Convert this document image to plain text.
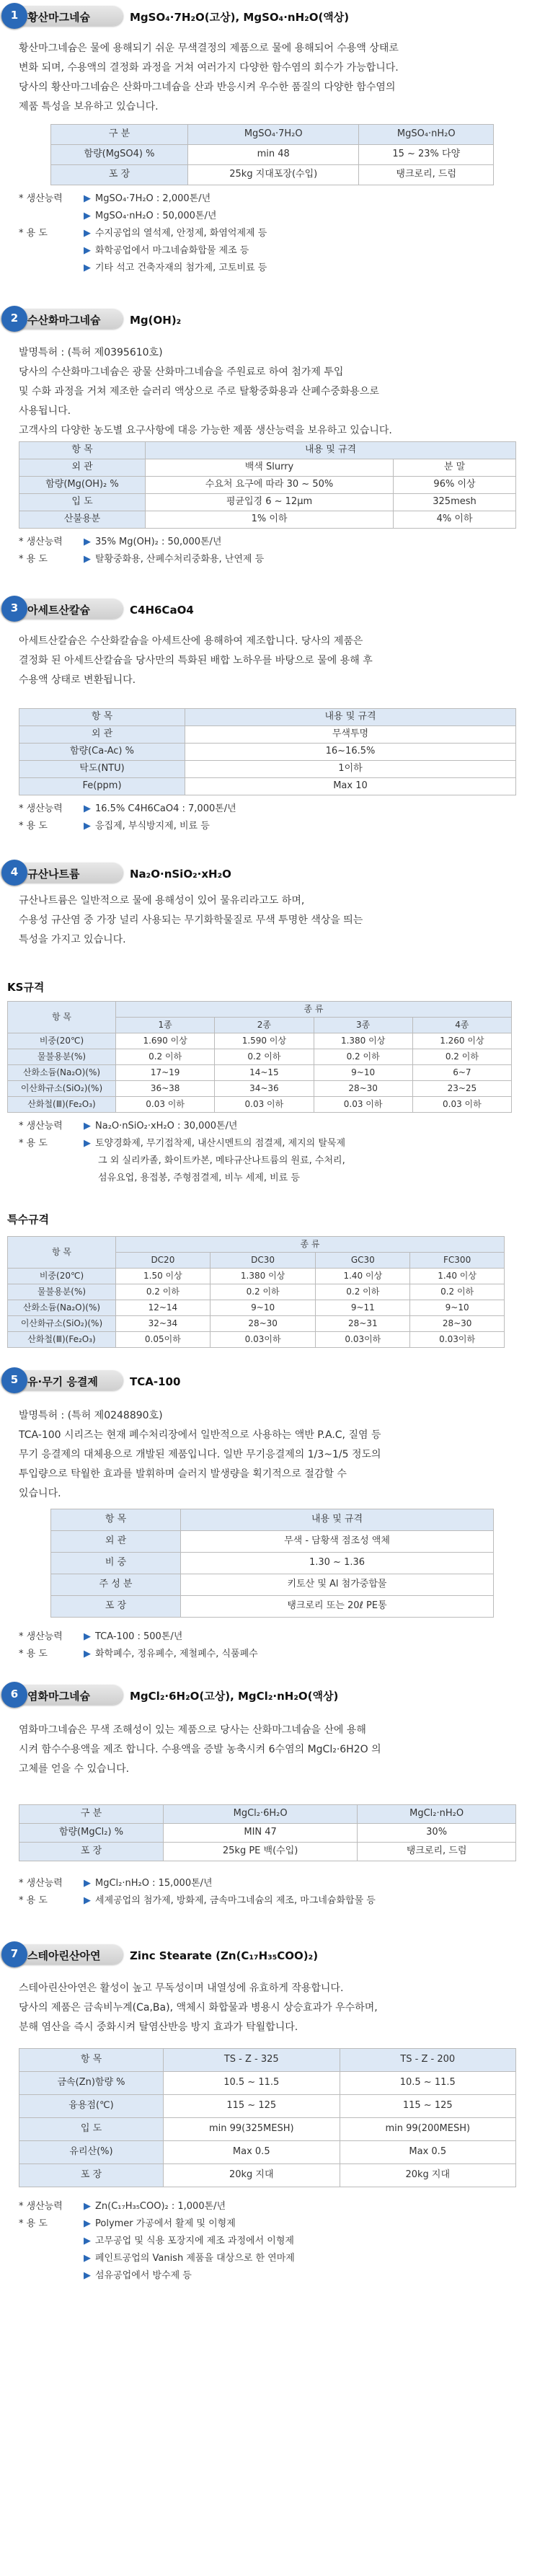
1 황산마그네슘	MgSO₄·7H₂O(고상), MgSO₄·nH₂O(액상)
황산마그네슘은 물에 용해되기 쉬운 무색결정의 제품으로 물에 용해되어 수용액 상태로
변화 되며, 수용액의 결정화 과정을 거쳐 여러가지 다양한 함수염의 회수가 가능합니다.
당사의 황산마그네슘은 산화마그네슘을 산과 반응시켜 우수한 품질의 다양한 함수염의
제품 특성을 보유하고 있습니다.
구 분	MgSO₄·7H₂O	MgSO₄·nH₂O
함량(MgSO4) %	min 48	15 ~ 23% 다양
포 장	25kg 지대포장(수입)	탱크로리, 드럼
* 생산능력	▶ MgSO₄·7H₂O : 2,000톤/년
▶ MgSO₄·nH₂O : 50,000톤/년
* 용 도	▶ 수지공업의 열석제, 안정제, 화염억제제 등
▶ 화학공업에서 마그네슘화합물 제조 등
▶ 기타 석고 건축자재의 첨가제, 고토비료 등
2 수산화마그네슘	Mg(OH)₂
발명특허 : (특허 제0395610호)
당사의 수산화마그네슘은 광물 산화마그네슘을 주원료로 하여 첨가제 투입
및 수화 과정을 거쳐 제조한 슬러리 액상으로 주로 탈황중화용과 산폐수중화용으로
사용됩니다.
고객사의 다양한 농도별 요구사항에 대응 가능한 제품 생산능력을 보유하고 있습니다.
항 목	내용 및 규격	
외 관	백색 Slurry	분 말
함량(Mg(OH)₂ %	수요처 요구에 따라 30 ~ 50%	96% 이상
입 도	평균입경 6 ~ 12μm	325mesh
산불용분	1% 이하	4% 이하
* 생산능력	▶ 35% Mg(OH)₂ : 50,000톤/년
* 용 도	▶ 탈황중화용, 산폐수처리중화용, 난연제 등
3 아세트산칼슘	C4H6CaO4
아세트산칼슘은 수산화칼슘을 아세트산에 용해하여 제조합니다. 당사의 제품은
결정화 된 아세트산칼슘을 당사만의 특화된 배합 노하우를 바탕으로 물에 용해 후
수용액 상태로 변환됩니다.
항 목	내용 및 규격
외 관	무색투명
함량(Ca-Ac) %	16~16.5%
탁도(NTU)	1이하
Fe(ppm)	Max 10
* 생산능력	▶ 16.5% C4H6CaO4 : 7,000톤/년
* 용 도	▶ 응집제, 부식방지제, 비료 등
4 규산나트륨	Na₂O·nSiO₂·xH₂O
규산나트륨은 일반적으로 물에 용해성이 있어 물유리라고도 하며,
수용성 규산염 중 가장 널리 사용되는 무기화학물질로 무색 투명한 색상을 띄는
특성을 가지고 있습니다.
KS규격
항 목	종 류			
	1종	2종	3종	4종
비중(20℃)	1.690 이상	1.590 이상	1.380 이상	1.260 이상
물불용분(%)	0.2 이하	0.2 이하	0.2 이하	0.2 이하
산화소듐(Na₂O)(%)	17~19	14~15	9~10	6~7
이산화규소(SiO₂)(%)	36~38	34~36	28~30	23~25
산화철(Ⅲ)(Fe₂O₃)	0.03 이하	0.03 이하	0.03 이하	0.03 이하
* 생산능력	▶ Na₂O·nSiO₂·xH₂O : 30,000톤/년
* 용 도	▶ 토양경화제, 무기접착제, 내산시멘트의 점결제, 제지의 탈묵제
그 외 실리카졸, 화이트카본, 메타규산나트륨의 원료, 수처리,
섬유요업, 용접봉, 주형점결제, 비누 세제, 비료 등
특수규격
항 목	종 류			
	DC20	DC30	GC30	FC300
비중(20℃)	1.50 이상	1.380 이상	1.40 이상	1.40 이상
물불용분(%)	0.2 이하	0.2 이하	0.2 이하	0.2 이하
산화소듐(Na₂O)(%)	12~14	9~10	9~11	9~10
이산화규소(SiO₂)(%)	32~34	28~30	28~31	28~30
산화철(Ⅲ)(Fe₂O₃)	0.05이하	0.03이하	0.03이하	0.03이하
5 유·무기 응결제	TCA-100
발명특허 : (특허 제0248890호)
TCA-100 시리즈는 현재 폐수처리장에서 일반적으로 사용하는 액반 P.A.C, 질염 등
무기 응결제의 대체용으로 개발된 제품입니다. 일반 무기응결제의 1/3~1/5 정도의
투입량으로 탁월한 효과를 발휘하며 슬러지 발생량을 획기적으로 절감할 수
있습니다.
항 목	내용 및 규격
외 관	무색 - 담황색 점조성 액체
비 중	1.30 ~ 1.36
주 성 분	키토산 및 Al 첨가중합물
포 장	탱크로리 또는 20ℓ PE통
* 생산능력	▶ TCA-100 : 500톤/년
* 용 도	▶ 화학폐수, 정유폐수, 제철폐수, 식품폐수
6 염화마그네슘	MgCl₂·6H₂O(고상), MgCl₂·nH₂O(액상)
염화마그네슘은 무색 조해성이 있는 제품으로 당사는 산화마그네슘을 산에 용해
시켜 함수수용액을 제조 합니다. 수용액을 증발 농축시켜 6수염의 MgCl₂·6H2O 의
고체를 얻을 수 있습니다.
구 분	MgCl₂·6H₂O	MgCl₂·nH₂O
함량(MgCl₂) %	MIN 47	30%
포 장	25kg PE 백(수입)	탱크로리, 드럼
* 생산능력	▶ MgCl₂·nH₂O : 15,000톤/년
* 용 도	▶ 세제공업의 첨가제, 방화제, 금속마그네슘의 제조, 마그네슘화합물 등
7 스테아린산아연	Zinc Stearate (Zn(C₁₇H₃₅COO)₂)
스테아린산아연은 활성이 높고 무독성이며 내열성에 유효하게 작용합니다.
당사의 제품은 금속비누계(Ca,Ba), 액체시 화합물과 병용시 상승효과가 우수하며,
분해 염산을 즉시 중화시켜 탈염산반응 방지 효과가 탁월합니다.
항 목	TS - Z - 325	TS - Z - 200
금속(Zn)함량 %	10.5 ~ 11.5	10.5 ~ 11.5
융용점(℃)	115 ~ 125	115 ~ 125
입 도	min 99(325MESH)	min 99(200MESH)
유리산(%)	Max 0.5	Max 0.5
포 장	20kg 지대	20kg 지대
* 생산능력	▶ Zn(C₁₇H₃₅COO)₂ : 1,000톤/년
* 용 도	▶ Polymer 가공에서 활제 및 이형제
▶ 고무공업 및 식용 포장지에 제조 과정에서 이형제
▶ 페인트공업의 Vanish 제품을 대상으로 한 연마제
▶ 섬유공업에서 방수제 등
